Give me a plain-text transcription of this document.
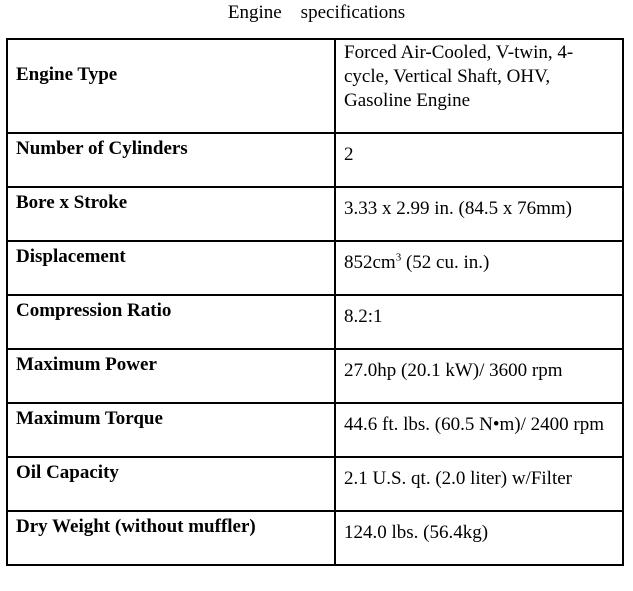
Engine    specifications
Engine Type	Forced Air-Cooled, V-twin, 4-cycle, Vertical Shaft, OHV, Gasoline Engine

Number of Cylinders	2

Bore x Stroke	3.33 x 2.99 in. (84.5 x 76mm)

Displacement	$852cm^3$ (52 cu. in.)

Compression Ratio	8.2:1

Maximum Power	27.0hp (20.1 kW)/ 3600 rpm

Maximum Torque	44.6 ft. lbs. (60.5 N•m)/ 2400 rpm

Oil Capacity	2.1 U.S. qt. (2.0 liter) w/Filter

Dry Weight (without muffler)	124.0 lbs. (56.4kg)
